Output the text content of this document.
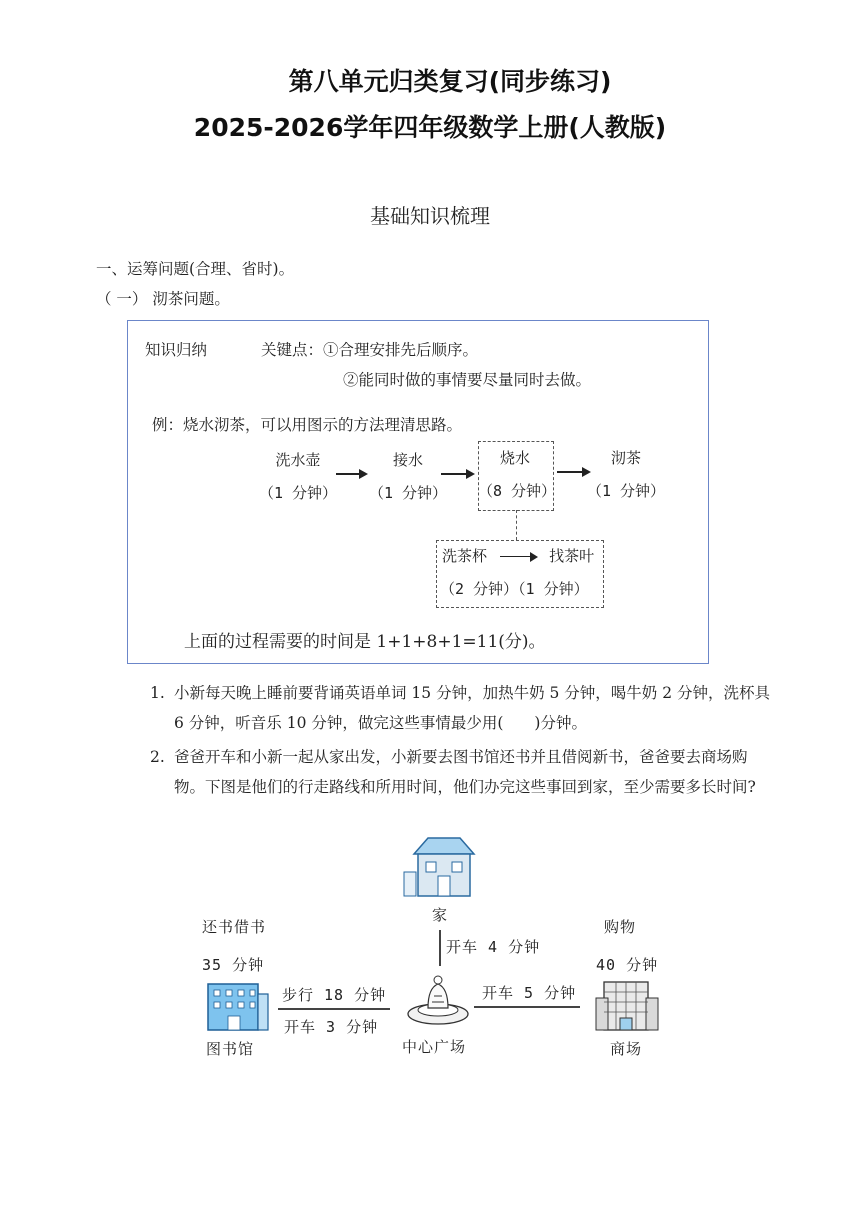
第八单元归类复习(同步练习)
2025-2026学年四年级数学上册(人教版)
基础知识梳理
一、运筹问题(合理、省时)。
（ 一） 沏茶问题。
知识归纳	关键点：①合理安排先后顺序。
②能同时做的事情要尽量同时去做。
例：烧水沏茶，可以用图示的方法理清思路。
洗水壶
（1 分钟）
接水
（1 分钟）
烧水
（8 分钟）
沏茶
（1 分钟）
洗茶杯	找茶叶
（2 分钟）（1 分钟）
上面的过程需要的时间是 1+1+8+1=11(分)。
1. 小新每天晚上睡前要背诵英语单词 15 分钟，加热牛奶 5 分钟，喝牛奶 2 分钟，洗杯具 6 分钟，听音乐 10 分钟，做完这些事情最少用(　　)分钟。
2. 爸爸开车和小新一起从家出发，小新要去图书馆还书并且借阅新书，爸爸要去商场购物。下图是他们的行走路线和所用时间，他们办完这些事回到家，至少需要多长时间?
家
开车 4 分钟
还书借书
35 分钟
图书馆
步行 18 分钟
开车 3 分钟
中心广场
开车 5 分钟
购物
40 分钟
商场
